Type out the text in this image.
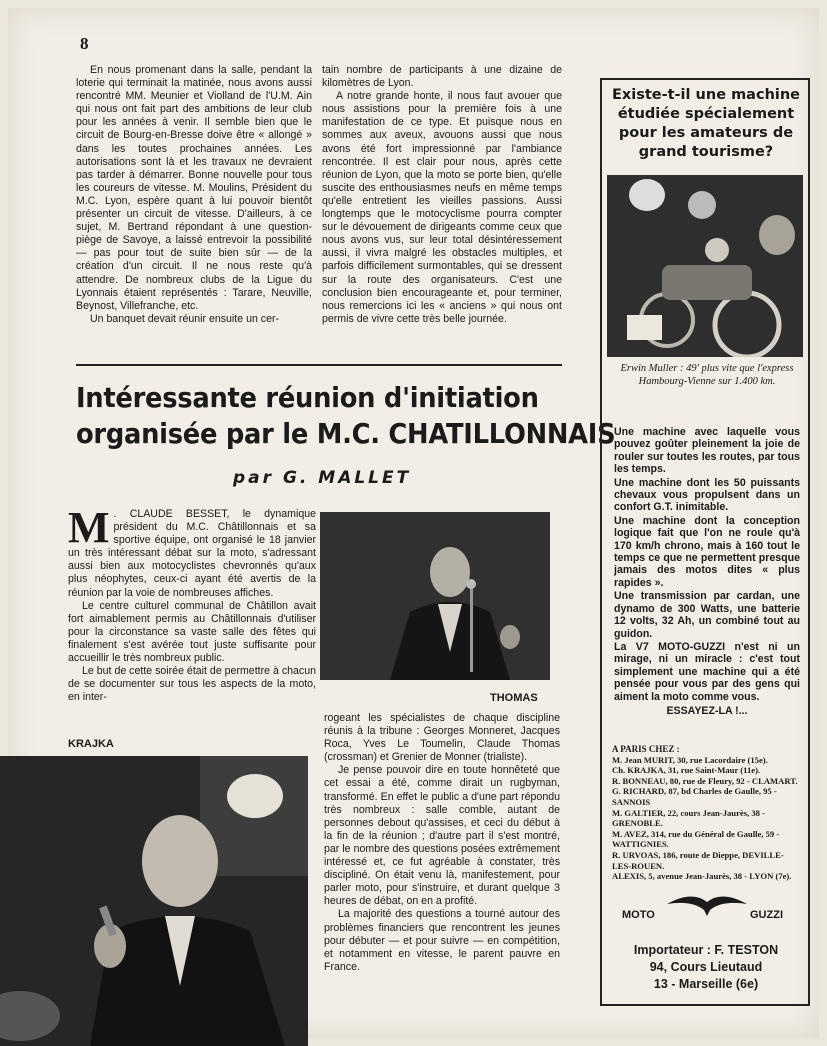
8

En nous promenant dans la salle, pendant la loterie qui terminait la matinée, nous avons aussi rencontré MM. Meunier et Violland de l'U.M. Ain qui nous ont fait part des ambitions de leur club pour les années à venir. Il semble bien que le circuit de Bourg-en-Bresse doive être « allongé » dans les toutes prochaines années. Les autorisations sont là et les travaux ne devraient pas tarder à démarrer. Bonne nouvelle pour tous les coureurs de vitesse. M. Moulins, Président du M.C. Lyon, espère quant à lui pouvoir bientôt présenter un circuit de vitesse. D'ailleurs, à ce sujet, M. Bertrand répondant à une question-piège de Savoye, a laissé entrevoir la possibilité — pas pour tout de suite bien sûr — de la création d'un circuit. Il ne nous reste qu'à attendre. De nombreux clubs de la Ligue du Lyonnais étaient représentés : Tarare, Neuville, Beynost, Villefranche, etc.

Un banquet devait réunir ensuite un cer-

tain nombre de participants à une dizaine de kilomètres de Lyon.

A notre grande honte, il nous faut avouer que nous assistions pour la première fois à une manifestation de ce type. Et puisque nous en sommes aux aveux, avouons aussi que nous avons été fort impressionné par l'ambiance rencontrée. Il est clair pour nous, après cette réunion de Lyon, que la moto se porte bien, qu'elle suscite des enthousiasmes neufs en même temps qu'elle entretient les vieilles passions. Aussi longtemps que le motocyclisme pourra compter sur le dévouement de dirigeants comme ceux que nous avons vus, sur leur total désintéressement aussi, il vivra malgré les obstacles multiples, et parfois difficilement surmontables, qui se dressent sur la route des organisateurs. C'est une conclusion bien encourageante et, pour terminer, nous remercions ici les « anciens » qui nous ont permis de vivre cette très belle journée.

Intéressante réunion d'initiation
organisée par le M.C. CHATILLONNAIS
par G. MALLET

M . CLAUDE BESSET, le dynamique président du M.C. Châtillonnais et sa sportive équipe, ont organisé le 18 janvier un très intéressant débat sur la moto, s'adressant aussi bien aux motocyclistes chevronnés qu'aux plus néophytes, ceux-ci ayant été avertis de la réunion par la voie de nombreuses affiches.

Le centre culturel communal de Châtillon avait fort aimablement permis au Châtillonnais d'utiliser pour la circonstance sa vaste salle des fêtes qui finalement s'est avérée tout juste suffisante pour accueillir le très nombreux public.

Le but de cette soirée était de permettre à chacun de se documenter sur tous les aspects de la moto, en inter-	THOMAS

rogeant les spécialistes de chaque discipline réunis à la tribune : Georges Monneret, Jacques Roca, Yves Le Toumelin, Claude Thomas (crossman) et Grenier de Monner (trialiste).

Je pense pouvoir dire en toute honnêteté que cet essai a été, comme dirait un rugbyman, transformé. En effet le public a d'une part répondu très nombreux : salle comble, autant de personnes debout qu'assises, et ceci du début à la fin de la réunion ; d'autre part il s'est montré, par le nombre des questions posées extrêmement intéressé et, ce fut agréable à constater, très discipliné. On était venu là, manifestement, pour parler moto, pour s'instruire, et durant quelque 3 heures de débat, on en a profité.

La majorité des questions a tourné autour des problèmes financiers que rencontrent les jeunes pour débuter — et pour suivre — en compétition, et notamment en vitesse, le parent pauvre en France.

KRAJKA
Existe-t-il une machine étudiée spécialement pour les amateurs de grand tourisme?
Erwin Muller : 49' plus vite que l'express Hambourg-Vienne sur 1.400 km.

Une machine avec laquelle vous pouvez goûter pleinement la joie de rouler sur toutes les routes, par tous les temps.

Une machine dont les 50 puissants chevaux vous propulsent dans un confort G.T. inimitable.

Une machine dont la conception logique fait que l'on ne roule qu'à 170 km/h chrono, mais à 160 tout le temps ce que ne permettent presque jamais des motos dites « plus rapides ».

Une transmission par cardan, une dynamo de 300 Watts, une batterie 12 volts, 32 Ah, un combiné tout au guidon.

La V7 MOTO-GUZZI n'est ni un mirage, ni un miracle : c'est tout simplement une machine qui a été pensée pour vous par des gens qui aiment la moto comme vous.

ESSAYEZ-LA !...
A PARIS CHEZ :
M. Jean MURIT, 30, rue Lacordaire (15e).
Ch. KRAJKA, 31, rue Saint-Maur (11e).
R. BONNEAU, 80, rue de Fleury, 92 - CLAMART.
G. RICHARD, 87, bd Charles de Gaulle, 95 - SANNOIS
M. GALTIER, 22, cours Jean-Jaurès, 38 - GRENOBLE.
M. AVEZ, 314, rue du Général de Gaulle, 59 - WATTIGNIES.
R. URVOAS, 186, route de Dieppe, DEVILLE-LES-ROUEN.
ALEXIS, 5, avenue Jean-Jaurès, 38 - LYON (7e).
MOTO	GUZZI
Importateur : F. TESTON
94, Cours Lieutaud
13 - Marseille (6e)
